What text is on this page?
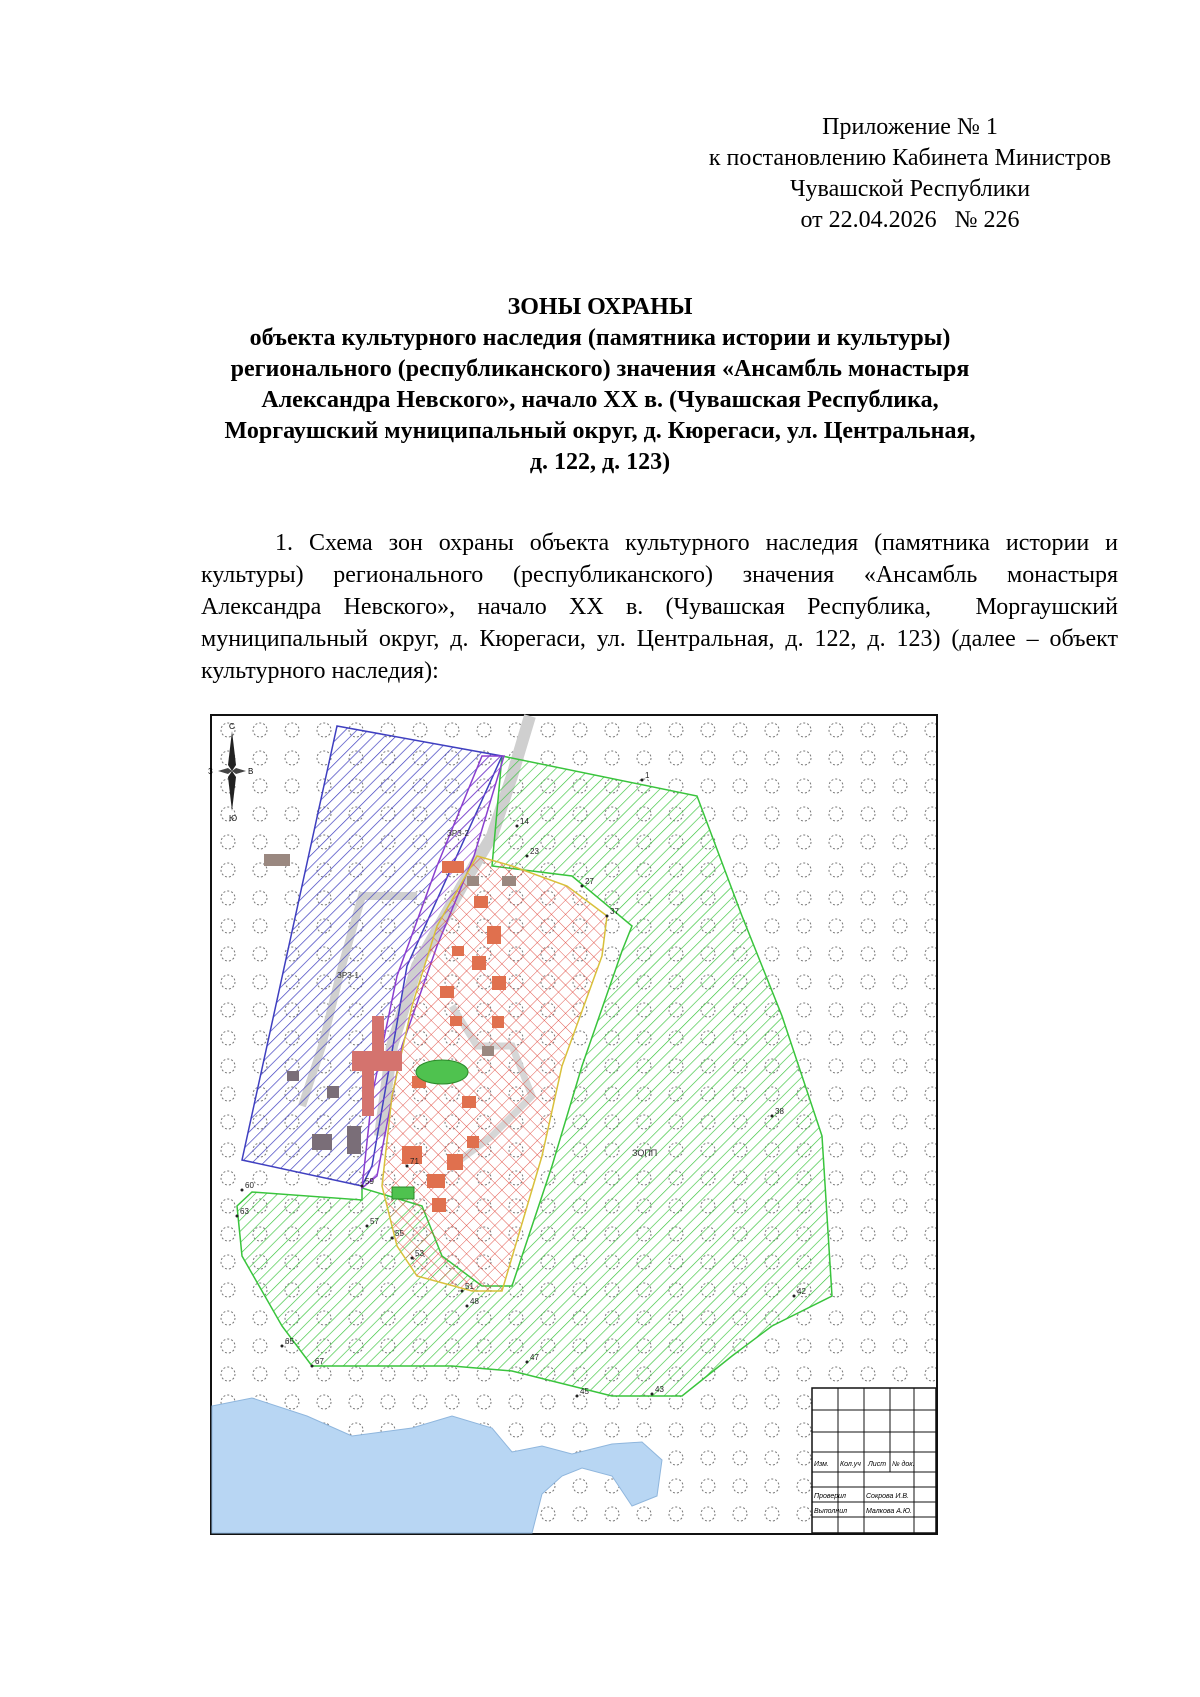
Приложение № 1
к постановлению Кабинета Министров
Чувашской Республики
от 22.04.2026   № 226
ЗОНЫ ОХРАНЫ
объекта культурного наследия (памятника истории и культуры)
регионального (республиканского) значения «Ансамбль монастыря
Александра Невского», начало XX в. (Чувашская Республика,
Моргаушский муниципальный округ, д. Кюрегаси, ул. Центральная,
д. 122, д. 123)
1. Схема зон охраны объекта культурного наследия (памятника истории и культуры) регионального (республиканского) значения «Ансамбль монастыря Александра Невского», начало XX в. (Чувашская Республика,  Моргаушский муниципальный округ, д. Кюрегаси, ул. Центральная, д. 122, д. 123) (далее – объект культурного наследия):
ЗОПП
ЗРЗ-1
ЗРЗ-2
1
14
23
27
37
38
42
43
45
47
48
51
53
55
57
59
60
63
65
67
71
С
Ю
В
З
Изм. Кол.уч Лист № док.
Проверил	Сокрова И.В.
Выполнил	Малкова А.Ю.
